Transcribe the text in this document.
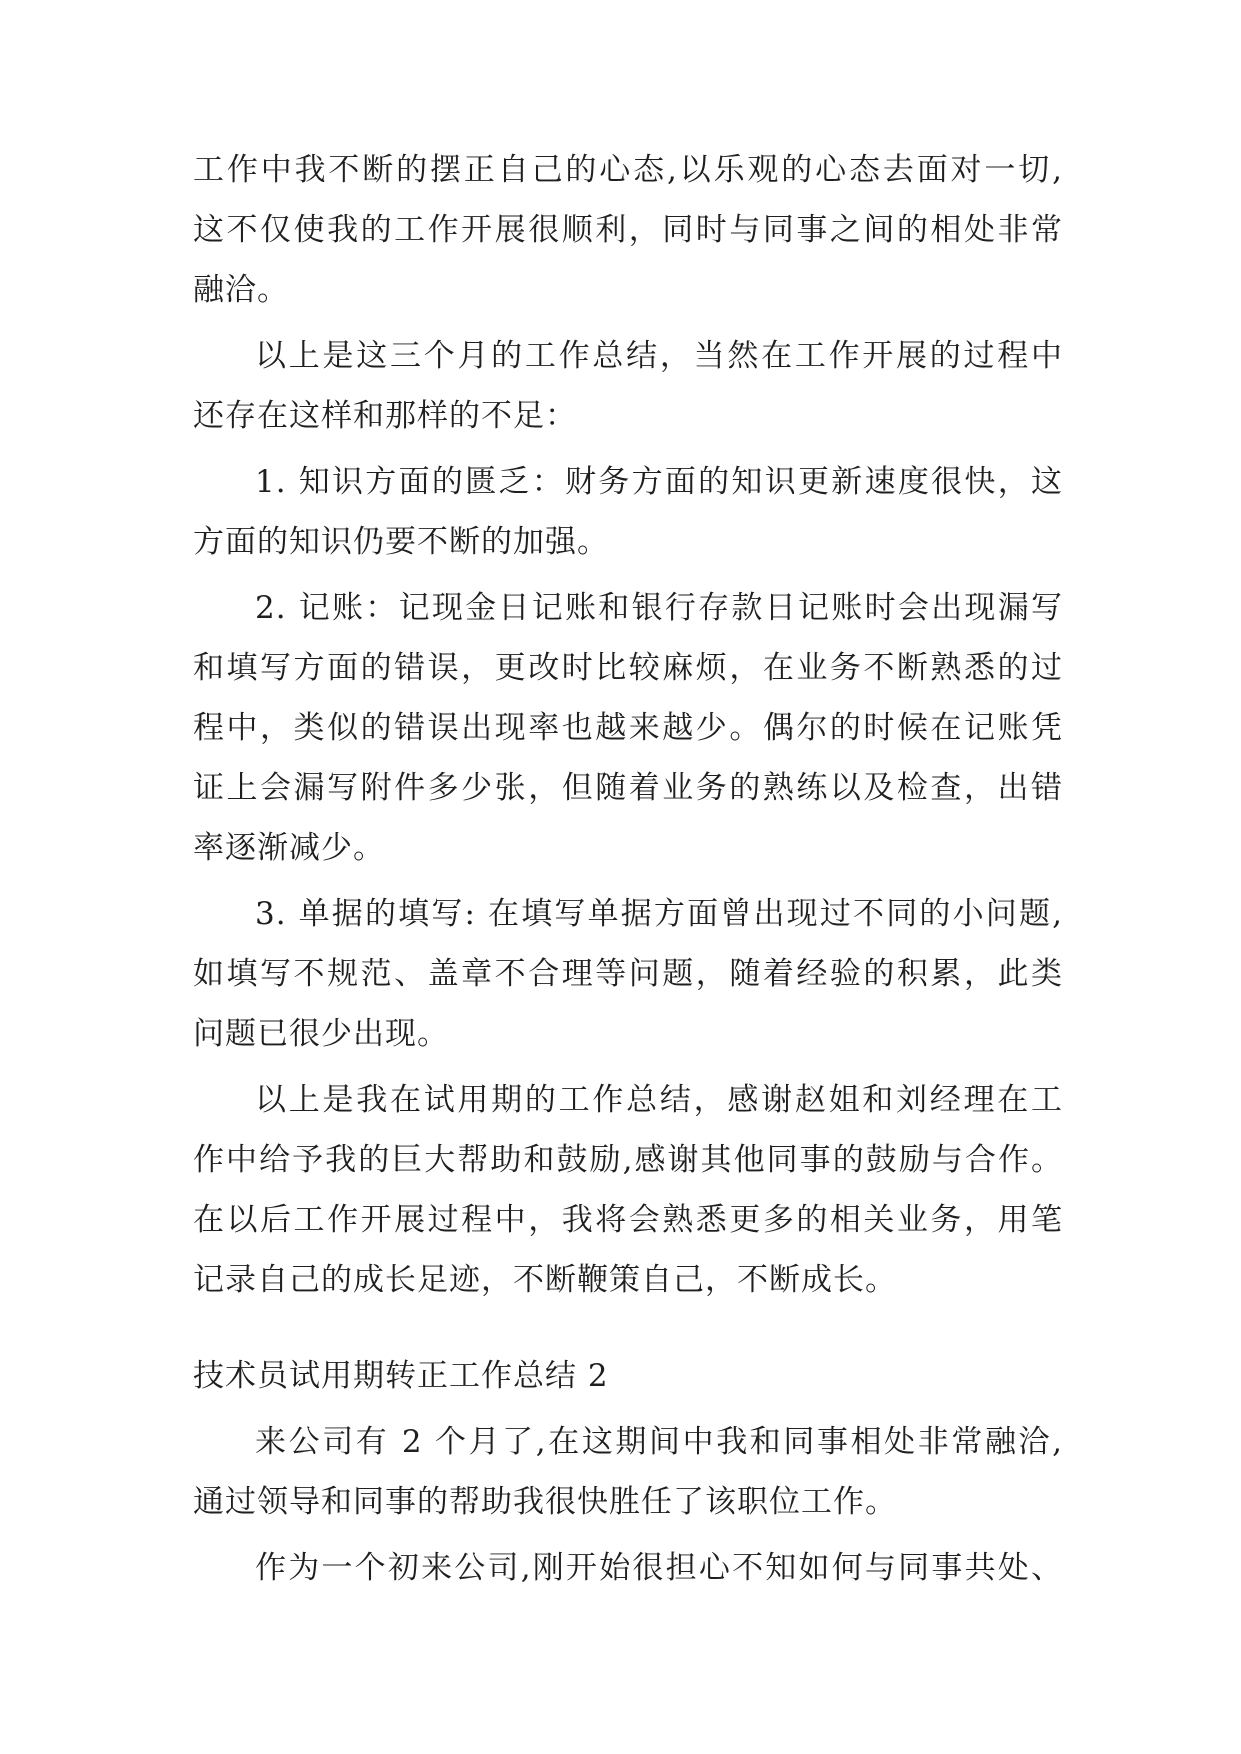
工作中我不断的摆正自己的心态,以乐观的心态去面对一切,
这不仅使我的工作开展很顺利，同时与同事之间的相处非常
融洽。
以上是这三个月的工作总结，当然在工作开展的过程中
还存在这样和那样的不足：
1. 知识方面的匮乏：财务方面的知识更新速度很快，这
方面的知识仍要不断的加强。
2. 记账：记现金日记账和银行存款日记账时会出现漏写
和填写方面的错误，更改时比较麻烦，在业务不断熟悉的过
程中，类似的错误出现率也越来越少。偶尔的时候在记账凭
证上会漏写附件多少张，但随着业务的熟练以及检查，出错
率逐渐减少。
3. 单据的填写: 在填写单据方面曾出现过不同的小问题,
如填写不规范、盖章不合理等问题，随着经验的积累，此类
问题已很少出现。
以上是我在试用期的工作总结，感谢赵姐和刘经理在工
作中给予我的巨大帮助和鼓励,感谢其他同事的鼓励与合作。
在以后工作开展过程中，我将会熟悉更多的相关业务，用笔
记录自己的成长足迹，不断鞭策自己，不断成长。
技术员试用期转正工作总结 2
来公司有 2 个月了,在这期间中我和同事相处非常融洽,
通过领导和同事的帮助我很快胜任了该职位工作。
作为一个初来公司,刚开始很担心不知如何与同事共处、
